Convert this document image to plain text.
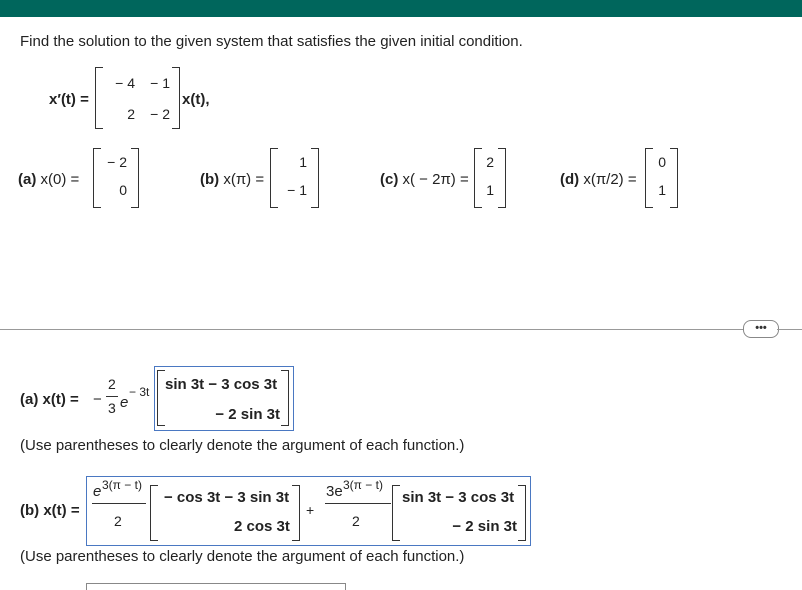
Find the solution to the given system that satisfies the given initial condition.
x′(t) =
− 4	− 1
2	− 2
x(t),
(a) x(0) =
− 2
0
(b) x(π) =
1
− 1
(c) x( − 2π) =
2
1
(d) x(π/2) =
0
1
•••
(a) x(t) = −
2
3 e
− 3t sin 3t − 3 cos 3t
− 2 sin 3t
(Use parentheses to clearly denote the argument of each function.)
(b) x(t) =
e 3(π − t)
2
− cos 3t − 3 sin 3t
2 cos 3t
+
3e 3(π − t)
2
sin 3t − 3 cos 3t
− 2 sin 3t
(Use parentheses to clearly denote the argument of each function.)
